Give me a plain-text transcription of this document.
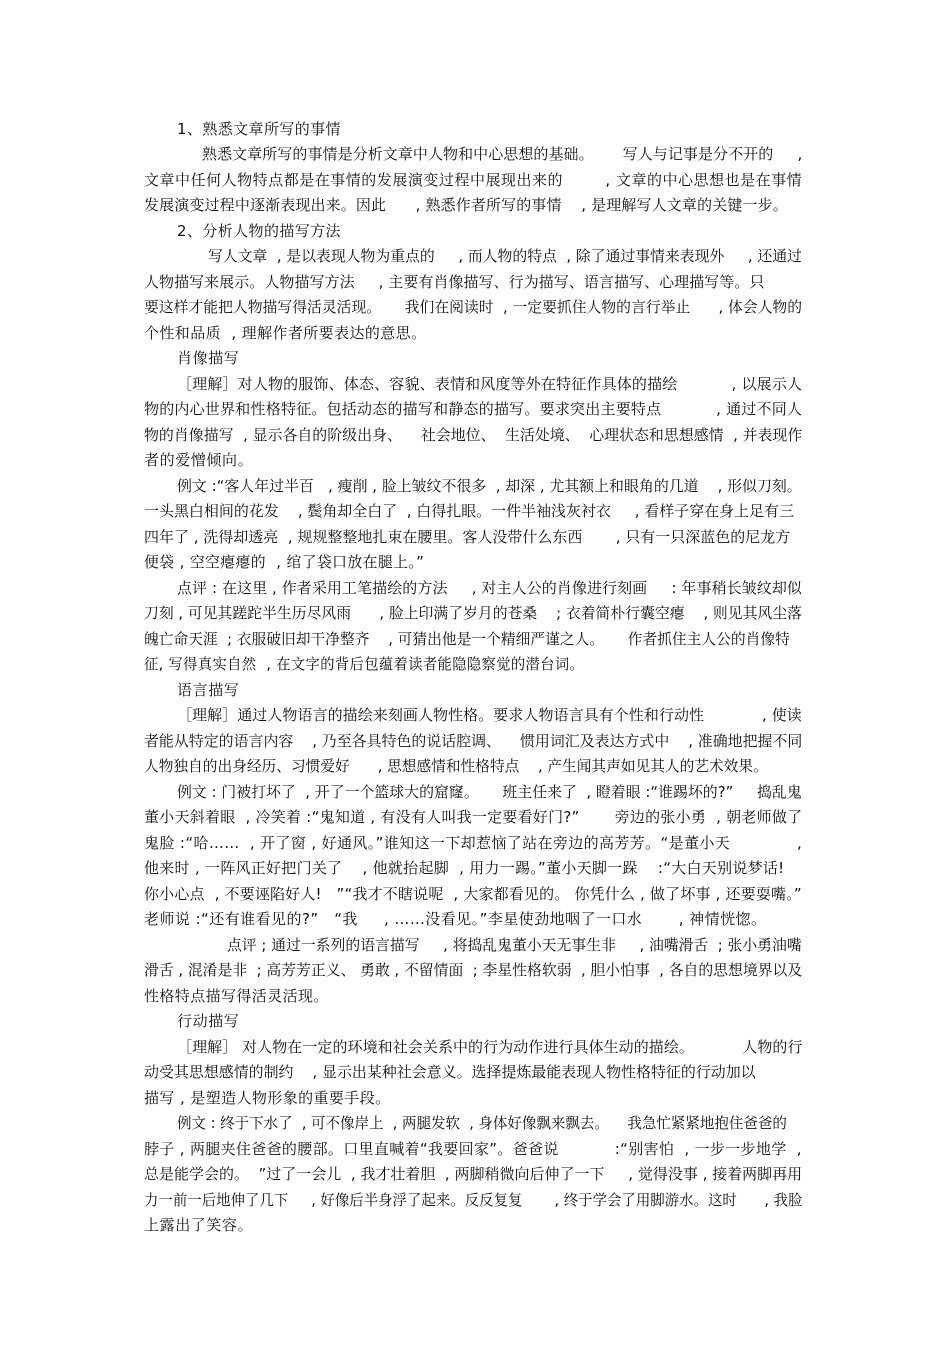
1、熟悉文章所写的事情
熟悉文章所写的事情是分析文章中人物和中心思想的基础。      写人与记事是分不开的     ,
文章中任何人物特点都是在事情的发展演变过程中展现出来的        , 文章的中心思想也是在事情
发展演变过程中逐渐表现出来。因此      , 熟悉作者所写的事情    , 是理解写人文章的关键一步。
2、分析人物的描写方法
写人文章  , 是以表现人物为重点的     , 而人物的特点  , 除了通过事情来表现外     , 还通过
人物描写来展示。人物描写方法     , 主要有肖像描写、行为描写、语言描写、心理描写等。只
要这样才能把人物描写得活灵活现。     我们在阅读时  , 一定要抓住人物的言行举止      , 体会人物的
个性和品质  , 理解作者所要表达的意思。
肖像描写
［理解］对人物的服饰、体态、容貌、表情和风度等外在特征作具体的描绘           , 以展示人
物的内心世界和性格特征。包括动态的描写和静态的描写。要求突出主要特点           , 通过不同人
物的肖像描写  , 显示各自的阶级出身、    社会地位、  生活处境、  心理状态和思想感情  , 并表现作
者的爱憎倾向。
例文 :“客人年过半百   , 瘦削 , 脸上皱纹不很多  , 却深 , 尤其额上和眼角的几道    , 形似刀刻。
一头黑白相间的花发    , 鬓角却全白了  , 白得扎眼。一件半袖浅灰衬衣     , 看样子穿在身上足有三
四年了 , 洗得却透亮  , 规规整整地扎束在腰里。客人没带什么东西       , 只有一只深蓝色的尼龙方
便袋 , 空空瘪瘪的  , 绾了袋口放在腿上。”
点评 : 在这里 , 作者采用工笔描绘的方法     , 对主人公的肖像进行刻画     : 年事稍长皱纹却似
刀刻 , 可见其蹉跎半生历尽风雨      , 脸上印满了岁月的苍桑    ; 衣着简朴行囊空瘪    , 则见其风尘落
魄亡命天涯  ; 衣服破旧却干净整齐    , 可猜出他是一个精细严谨之人。     作者抓住主人公的肖像特
征, 写得真实自然  , 在文字的背后包蕴着读者能隐隐察觉的潜台词。
语言描写
［理解］通过人物语言的描绘来刻画人物性格。要求人物语言具有个性和行动性            , 使读
者能从特定的语言内容    , 乃至各具特色的说话腔调、    惯用词汇及表达方式中    , 准确地把握不同
人物独自的出身经历、习惯爱好      , 思想感情和性格特点    , 产生闻其声如见其人的艺术效果。
例文 : 门被打坏了  , 开了一个篮球大的窟窿。     班主任来了  , 瞪着眼 :“谁踢坏的?”     捣乱鬼
董小天斜着眼  , 冷笑着 :“鬼知道 , 有没有人叫我一定要看好门?”       旁边的张小勇  , 朝老师做了
鬼脸 :“哈……  , 开了窗 , 好通风。”谁知这一下却惹恼了站在旁边的高芳芳。“是董小天             ,
他来时 , 一阵风正好把门关了    , 他就抬起脚  , 用力一踢。”董小天脚一跺    :“大白天别说梦话!
你小心点  , 不要诬陷好人!   ”“我才不瞎说呢  , 大家都看见的。 你凭什么 , 做了坏事 , 还要耍嘴。”
老师说 :“还有谁看见的?”   “我     , ……没看见。”李星使劲地咽了一口水       , 神情恍惚。
点评 ; 通过一系列的语言描写     , 将捣乱鬼董小天无事生非     , 油嘴滑舌  ; 张小勇油嘴
滑舌 , 混淆是非  ; 高芳芳正义、 勇敢 , 不留情面  ; 李星性格软弱  , 胆小怕事  , 各自的思想境界以及
性格特点描写得活灵活现。
行动描写
［理解］ 对人物在一定的环境和社会关系中的行为动作进行具体生动的描绘。          人物的行
动受其思想感情的制约    , 显示出某种社会意义。选择提炼最能表现人物性格特征的行动加以
描写 , 是塑造人物形象的重要手段。
例文 : 终于下水了  , 可不像岸上  , 两腿发软  , 身体好像飘来飘去。    我急忙紧紧地抱住爸爸的
脖子 , 两腿夹住爸爸的腰部。口里直喊着“我要回家”。爸爸说           :“别害怕  , 一步一步地学  ,
总是能学会的。  ”过了一会儿  , 我才壮着胆  , 两脚稍微向后伸了一下     , 觉得没事 , 接着两脚再用
力一前一后地伸了几下     , 好像后半身浮了起来。反反复复       , 终于学会了用脚游水。这时      , 我脸
上露出了笑容。
